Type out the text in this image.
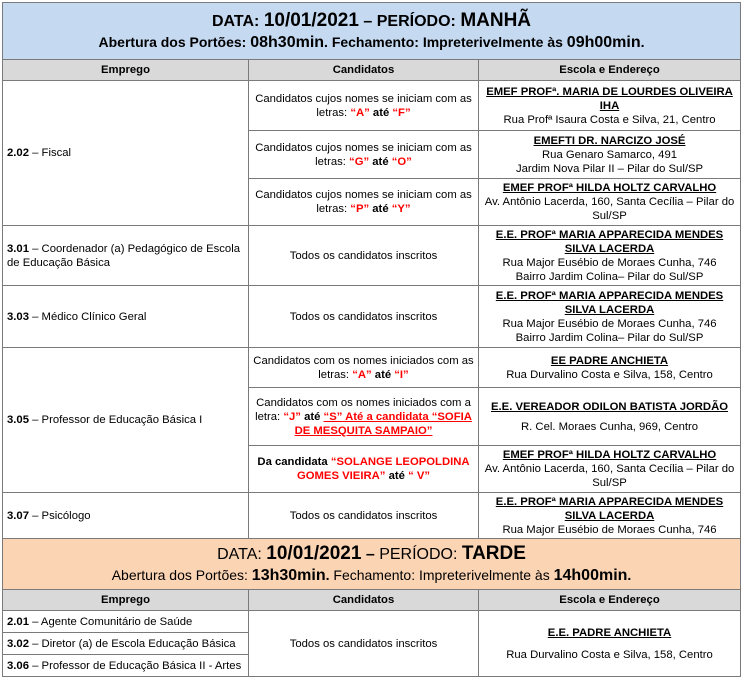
DATA: 10/01/2021 – PERÍODO: MANHÃ
Abertura dos Portões: 08h30min. Fechamento: Impreterivelmente às 09h00min.		

Emprego	Candidatos	Escola e Endereço
2.02 – Fiscal	Candidatos cujos nomes se iniciam com as letras: “A” até “F”	EMEF PROFª. MARIA DE LOURDES OLIVEIRA IHA
Rua Profª Isaura Costa e Silva, 21, Centro

	Candidatos cujos nomes se iniciam com as letras: “G” até “O”	EMEFTI DR. NARCIZO JOSÉ
Rua Genaro Samarco, 491
Jardim Nova Pilar II – Pilar do Sul/SP

	Candidatos cujos nomes se iniciam com as letras: “P” até “Y”	EMEF PROFª HILDA HOLTZ CARVALHO
Av. Antônio Lacerda, 160, Santa Cecília – Pilar do Sul/SP

3.01 – Coordenador (a) Pedagógico de Escola de Educação Básica	Todos os candidatos inscritos	E.E. PROFª MARIA APPARECIDA MENDES SILVA LACERDA
Rua Major Eusébio de Moraes Cunha, 746
Bairro Jardim Colina– Pilar do Sul/SP

3.03 – Médico Clínico Geral	Todos os candidatos inscritos	E.E. PROFª MARIA APPARECIDA MENDES SILVA LACERDA
Rua Major Eusébio de Moraes Cunha, 746
Bairro Jardim Colina– Pilar do Sul/SP

3.05 – Professor de Educação Básica I	Candidatos com os nomes iniciados com as letras: “A” até “I”	EE PADRE ANCHIETA
Rua Durvalino Costa e Silva, 158, Centro

	Candidatos com os nomes iniciados com a letra: “J” até “S” Até a candidata “SOFIA DE MESQUITA SAMPAIO”	E.E. VEREADOR ODILON BATISTA JORDÃO
R. Cel. Moraes Cunha, 969, Centro

	Da candidata “SOLANGE LEOPOLDINA GOMES VIEIRA” até “ V”	EMEF PROFª HILDA HOLTZ CARVALHO
Av. Antônio Lacerda, 160, Santa Cecília – Pilar do Sul/SP

3.07 – Psicólogo	Todos os candidatos inscritos	E.E. PROFª MARIA APPARECIDA MENDES SILVA LACERDA
Rua Major Eusébio de Moraes Cunha, 746

DATA: 10/01/2021 – PERÍODO: TARDE
Abertura dos Portões: 13h30min. Fechamento: Impreterivelmente às 14h00min.		

Emprego	Candidatos	Escola e Endereço
2.01 – Agente Comunitário de Saúde	Todos os candidatos inscritos	E.E. PADRE ANCHIETA
Rua Durvalino Costa e Silva, 158, Centro

3.02 – Diretor (a) de Escola Educação Básica		
3.06 – Professor de Educação Básica II - Artes		
